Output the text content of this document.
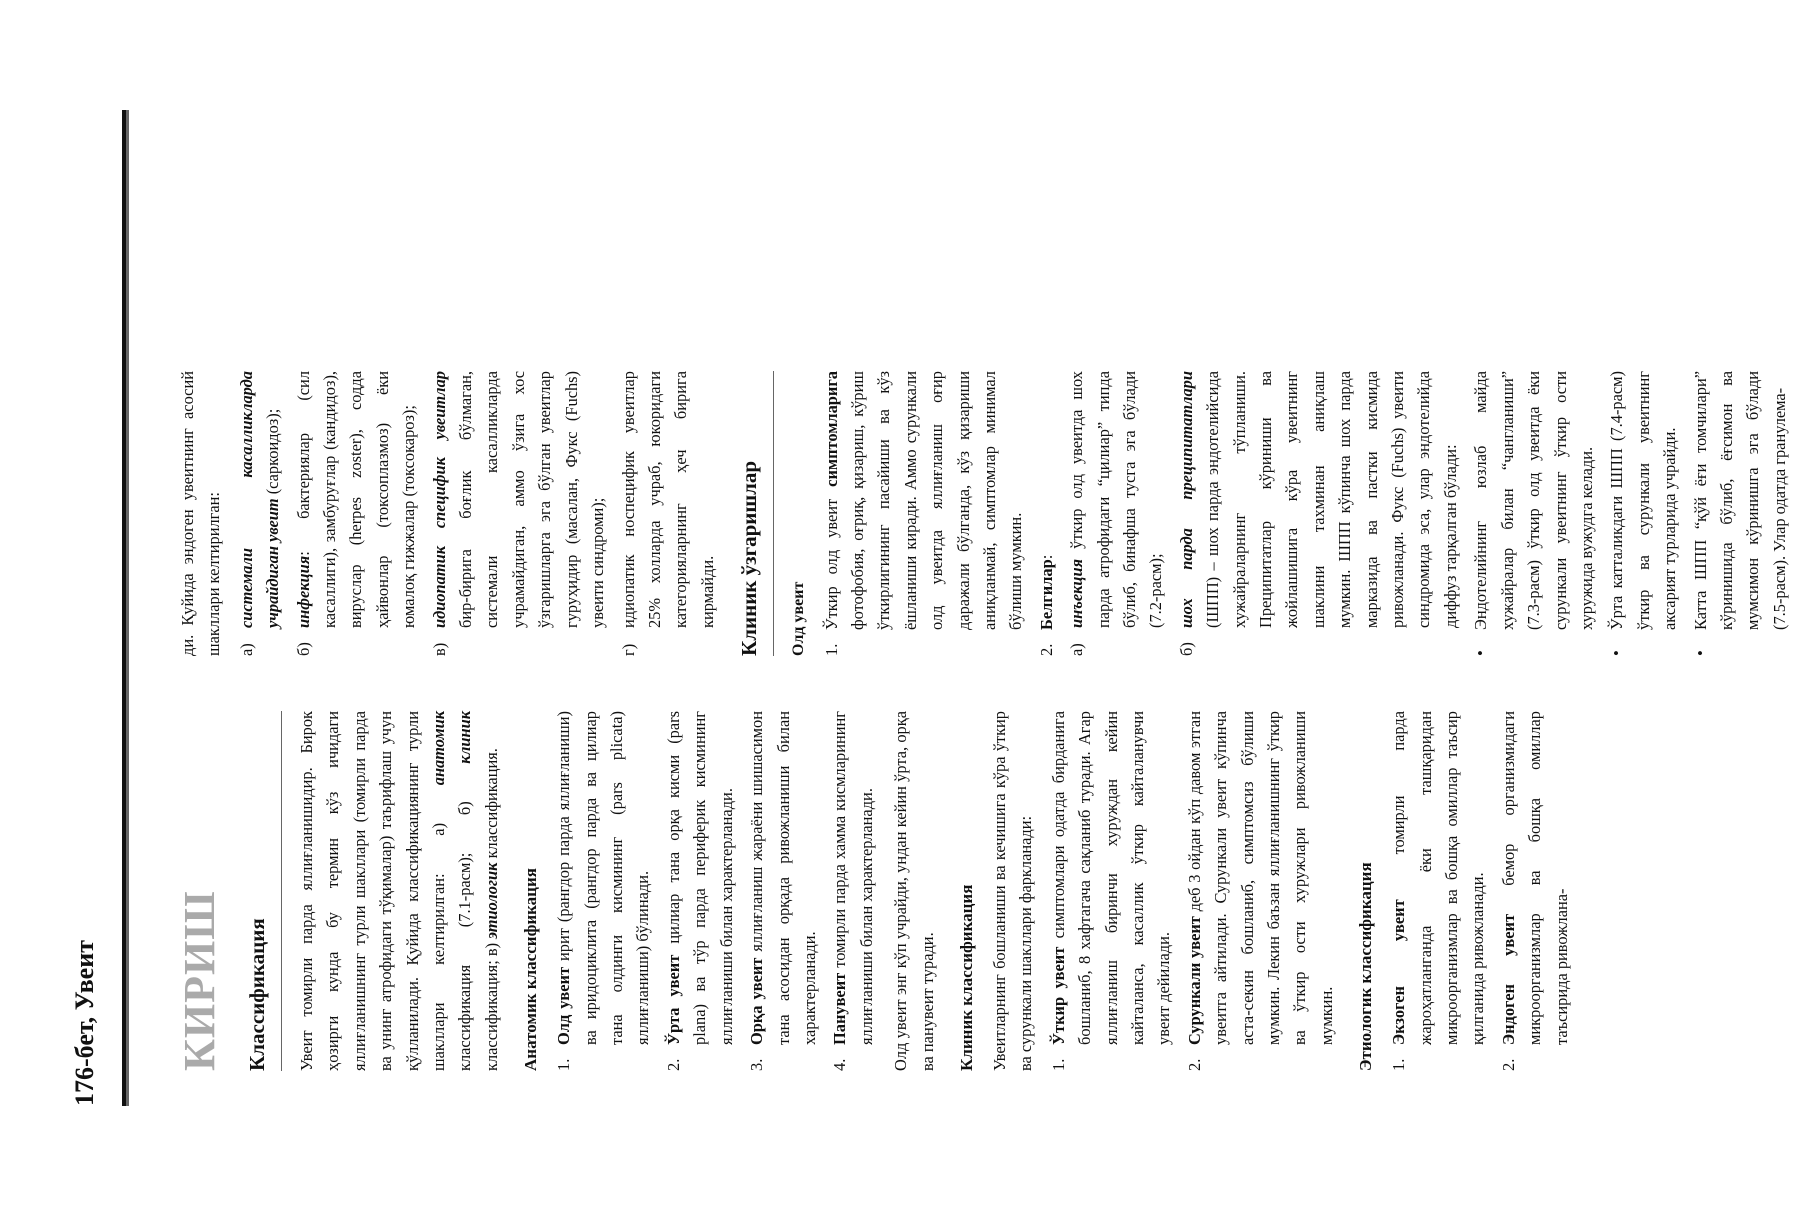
176-бет, Увеит КИРИШ Классификация Увеит томирли парда яллиғланишидир. Бирок ҳозирги кунда бу термин кўз ичидаги яллиғланишнинг турли шакллари (томирли парда ва унинг атрофидаги тўқималар) таърифлаш учун қўлланилади. Қуйида классификациянинг турли шакллари келтирилган: а) анатомик классификация (7.1-расм); б) клиник классификация; в) этиологик классификация.

Анатомик классификация 1.
Олд увеит ирит (рангдор парда яллиғланиши) ва иридоциклита (рангдор парда ва цилиар тана олдинги кисмининг (pars plicata) яллиғланиши) бўлинади.
2.
Ўрта увеит цилиар тана орқа кисми (pars plana) ва тўр парда периферик кисмининг яллиғланиши билан характерланади.
3.
Орқа увеит яллиғланиш жараёни шишасимон тана асосидан орқада ривожланиши билан характерланади.
4.
Панувеит томирли парда хамма кисмларининг яллиғланиши билан характерланади. Олд увеит энг кўп учрайди, ундан кейин ўрта, орқа ва панувеит туради. Клиник классификация Увеитларнинг бошланиши ва кечишига кўра ўткир ва сурункали шакллари фаркланади: 1.
Ўткир увеит симптомлари одатда бирданига бошланиб, 8 хафтагача сақланиб туради. Агар яллиғланиш биринчи хуруждан кейин кайталанса, касаллик ўткир кайталанувчи увеит дейилади.
2.
Сурункали увеит деб 3 ойдан кўп давом этган увеитга айтилади. Сурункали увеит кўпинча аста-секин бошланиб, симптомсиз бўлиши мумкин. Лекин баъзан яллиғланишнинг ўткир ва ўткир ости хуружлари ривожланиши мумкин. Этиологик классификация 1.
Экзоген увеит томирли парда жароҳатланганда ёки ташқаридан микроорганизмлар ва бошқа омиллар таъсир қилганида ривожланади.
2.
Эндоген увеит бемор организмидаги микроорганизмлар ва бошқа омиллар таъсирида ривожлана-

ди. Қуйида эндоген увеитнинг асосий шакллари келтирилган: а)
системали касалликларда учрайдиган увеит (саркоидоз);
б)
инфекция: бактериялар (сил касаллиги), замбуруғлар (кандидоз), вируслар (herpes zoster), содда ҳайвонлар (токсоплазмоз) ёки юмалоқ гижжалар (токсокароз);
в)
идиопатик специфик увеитлар бир-бирига боғлик бўлмаган, системали касалликларда учрамайдиган, аммо ўзига хос ўзгаришларга эга бўлган увеитлар гуруҳидир (масалан, Фукс (Fuchs) увеити синдроми);
г)
идиопатик носпецифик увеитлар 25% холларда учраб, юкоридаги категорияларнинг ҳеч бирига кирмайди. Клиник ўзгаришлар Олд увеит 1.
Ўткир олд увеит симптомларига фотофобия, оғриқ, қизариш, кўриш ўткирлигининг пасайиши ва кўз ёшланиши киради. Аммо сурункали олд увеитда яллиғланиш оғир даражали бўлганда, кўз қизариши аниқланмай, симптомлар минимал бўлиши мумкин.
2.
Белгилар:
а)
инъекция ўткир олд увеитда шох парда атрофидаги “цилиар” типда бўлиб, бинафша тусга эга бўлади (7.2-расм);
б)
шох парда преципитатлари (ШПП) – шох парда эндотелийсида хужайраларнинг тўпланиши. Преципитатлар кўриниши ва жойлашишига кўра увеитнинг шаклини тахминан аниқлаш мумкин. ШПП кўпинча шох парда марказида ва пастки кисмида ривожланади. Фукс (Fuchs) увеити синдромида эса, улар эндотелийда диффуз тарқалган бўлади:
•
Эндотелийнинг юзлаб майда хужайралар билан “чангланиши” (7.3-расм) ўткир олд увеитда ёки сурункали увеитнинг ўткир ости хуружида вужудга келади.
•
Ўрта катталикдаги ШПП (7.4-расм) ўткир ва сурункали увеитнинг аксарият турларида учрайди.
•
Катта ШПП “қўй ёғи томчилари” кўринишида бўлиб, ёғсимон ва мумсимон кўринишга эга бўлади (7.5-расм). Улар одатда гранулема-
